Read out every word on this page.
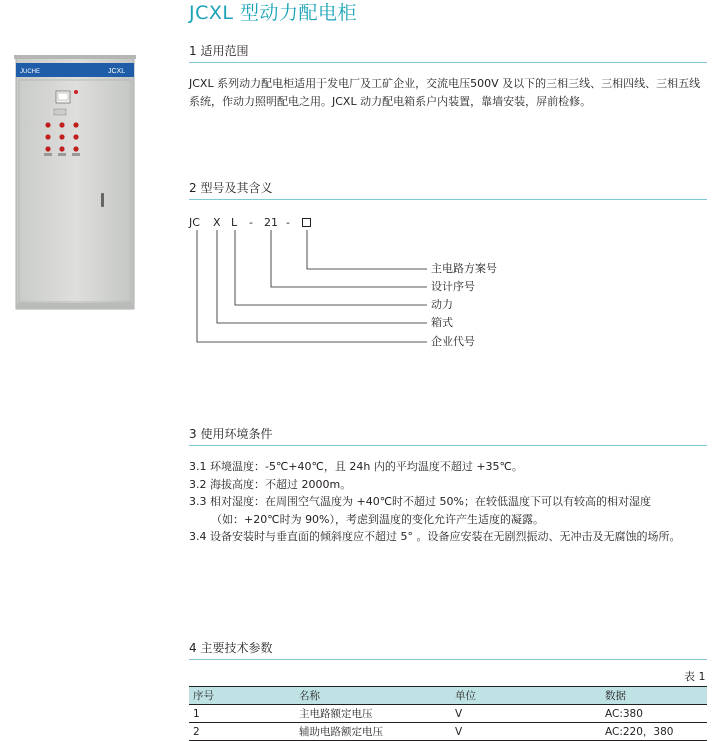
JCXL 型动力配电柜
JUCHE	JCXL
1 适用范围
JCXL 系列动力配电柜适用于发电厂及工矿企业，交流电压500V 及以下的三相三线、三相四线、三相五线系统，作动力照明配电之用。JCXL 动力配电箱系户内装置，靠墙安装，屏前检修。
2 型号及其含义

JC

X

L

-

21

-

主电路方案号
设计序号
动力
箱式
企业代号
3 使用环境条件

3.1 环境温度：-5℃+40℃，且 24h 内的平均温度不超过 +35℃。

3.2 海拔高度：不超过 2000m。

3.3 相对湿度：在周围空气温度为 +40℃时不超过 50%；在较低温度下可以有较高的相对湿度

（如：+20℃时为 90%），考虑到温度的变化允许产生适度的凝露。

3.4 设备安装时与垂直面的倾斜度应不超过 5° 。设备应安装在无剧烈振动、无冲击及无腐蚀的场所。

4 主要技术参数
表 1
序号	名称	单位	数据
1	主电路额定电压	V	AC:380
2	辅助电路额定电压	V	AC:220，380
